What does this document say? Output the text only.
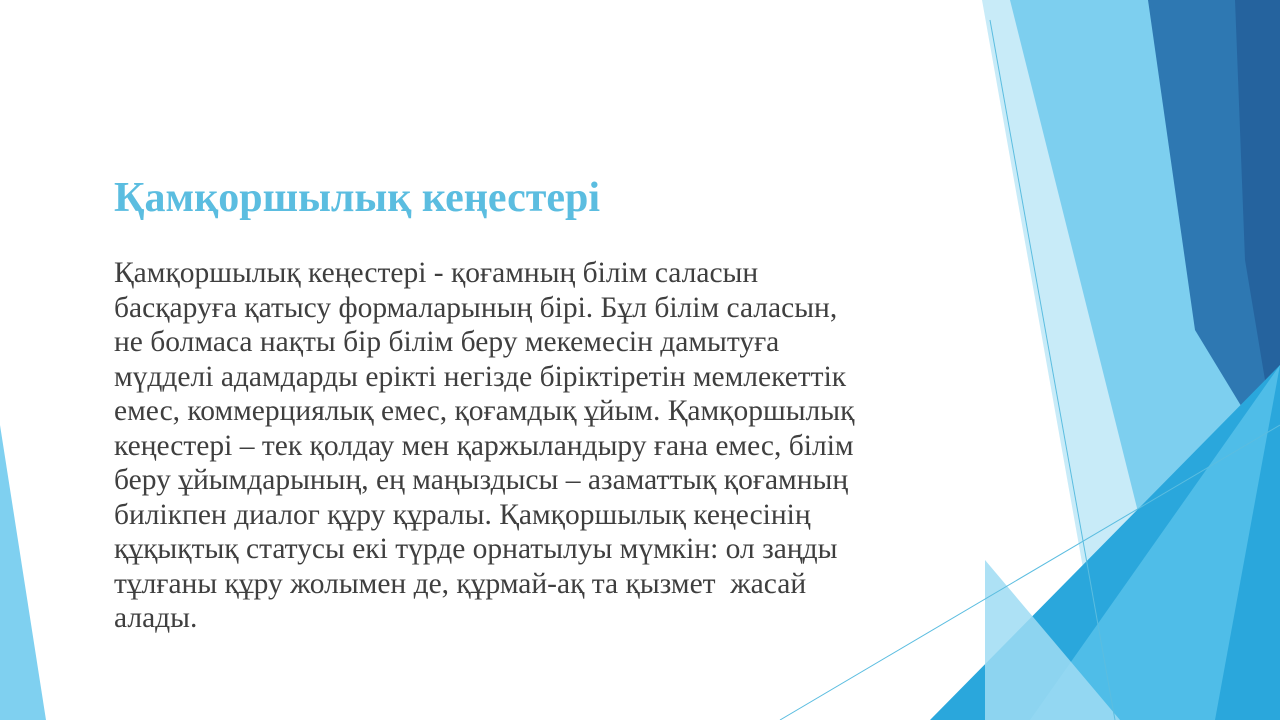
Қамқоршылық кеңестері
Қамқоршылық кеңестері - қоғамның білім саласын
басқаруға қатысу формаларының бірі. Бұл білім саласын,
не болмаса нақты бір білім беру мекемесін дамытуға
мүдделі адамдарды ерікті негізде біріктіретін мемлекеттік
емес, коммерциялық емес, қоғамдық ұйым. Қамқоршылық
кеңестері – тек қолдау мен қаржыландыру ғана емес, білім
беру ұйымдарының, ең маңыздысы – азаматтық қоғамның
билікпен диалог құру құралы. Қамқоршылық кеңесінің
құқықтық статусы екі түрде орнатылуы мүмкін: ол заңды
тұлғаны құру жолымен де, құрмай-ақ та қызмет  жасай
алады.
